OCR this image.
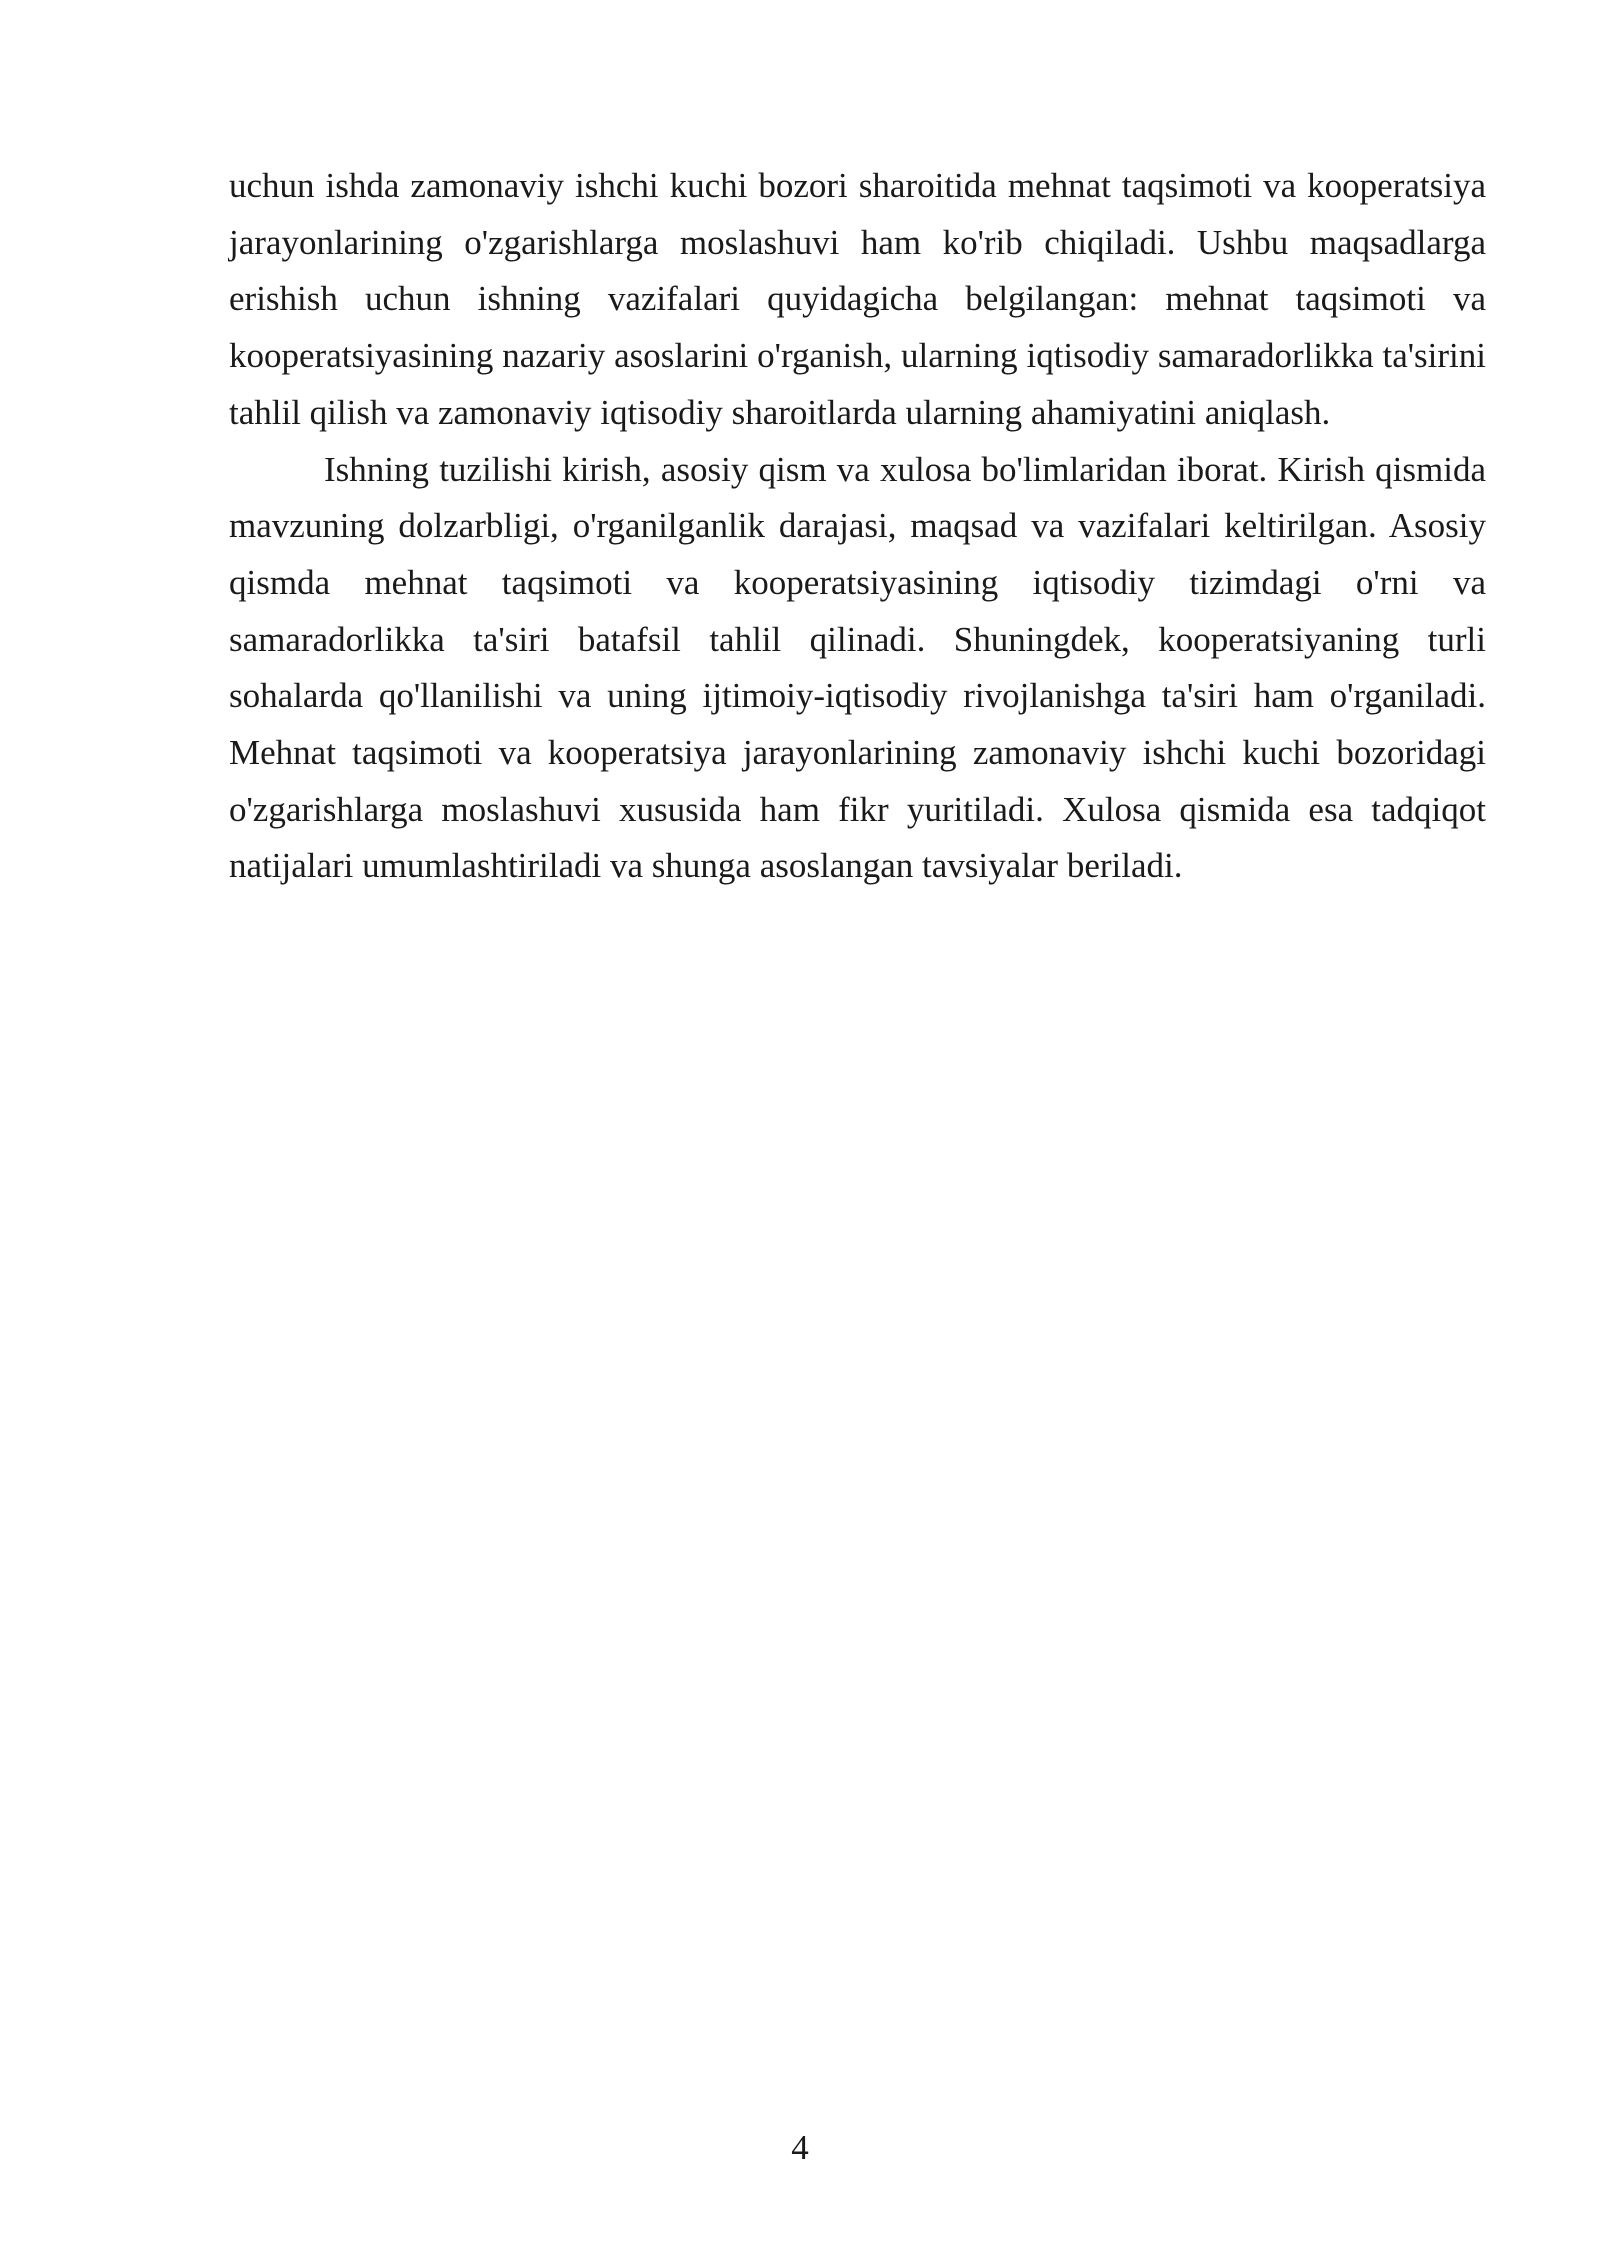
uchun ishda zamonaviy ishchi kuchi bozori sharoitida mehnat taqsimoti va kooperatsiya jarayonlarining o'zgarishlarga moslashuvi ham ko'rib chiqiladi. Ushbu maqsadlarga erishish uchun ishning vazifalari quyidagicha belgilangan: mehnat taqsimoti va kooperatsiyasining nazariy asoslarini o'rganish, ularning iqtisodiy samaradorlikka ta'sirini tahlil qilish va zamonaviy iqtisodiy sharoitlarda ularning ahamiyatini aniqlash.

Ishning tuzilishi kirish, asosiy qism va xulosa bo'limlaridan iborat. Kirish qismida mavzuning dolzarbligi, o'rganilganlik darajasi, maqsad va vazifalari keltirilgan. Asosiy qismda mehnat taqsimoti va kooperatsiyasining iqtisodiy tizimdagi o'rni va samaradorlikka ta'siri batafsil tahlil qilinadi. Shuningdek, kooperatsiyaning turli sohalarda qo'llanilishi va uning ijtimoiy-iqtisodiy rivojlanishga ta'siri ham o'rganiladi. Mehnat taqsimoti va kooperatsiya jarayonlarining zamonaviy ishchi kuchi bozoridagi o'zgarishlarga moslashuvi xususida ham fikr yuritiladi. Xulosa qismida esa tadqiqot natijalari umumlashtiriladi va shunga asoslangan tavsiyalar beriladi.

4
